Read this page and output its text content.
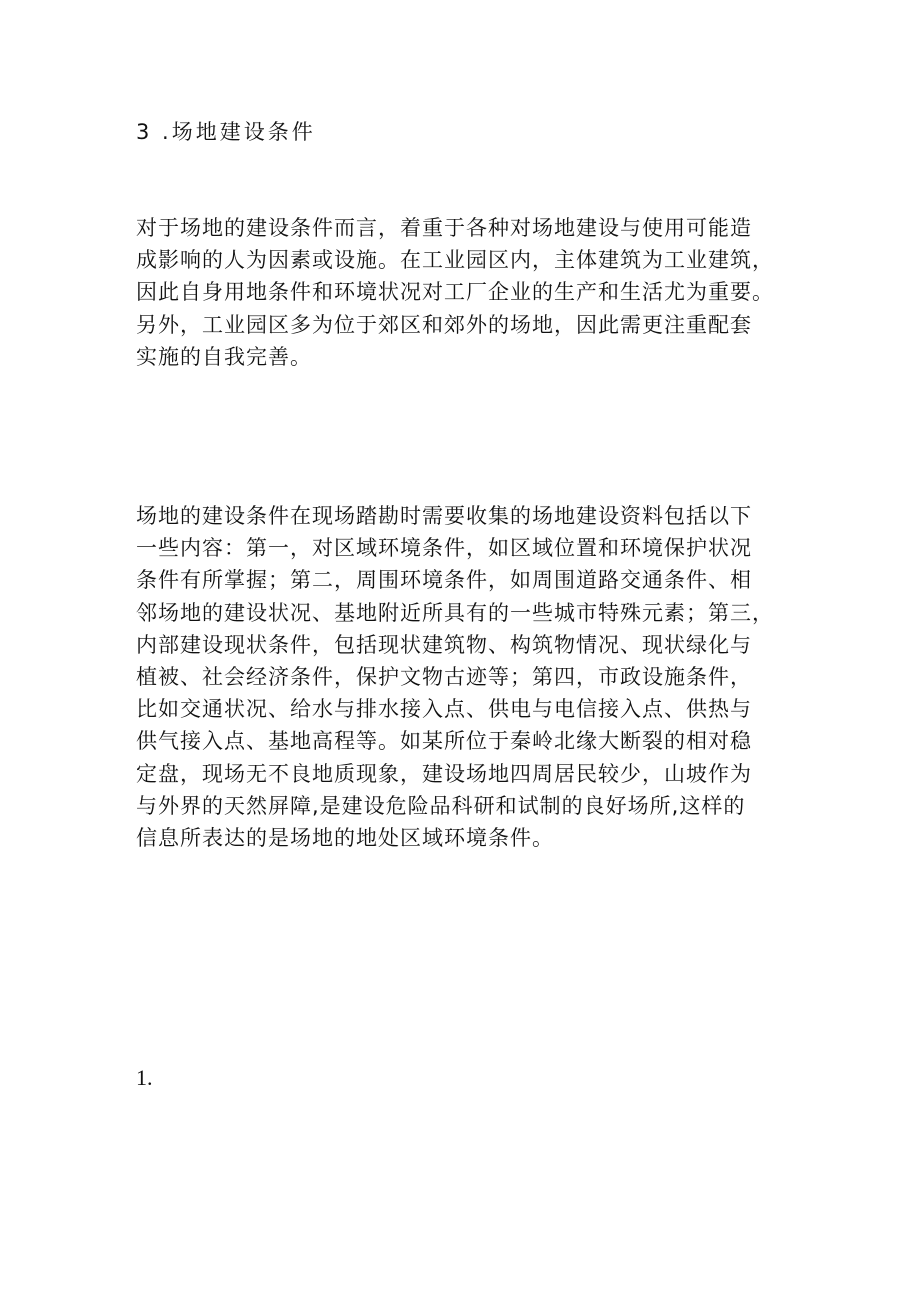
3 .场地建设条件

对于场地的建设条件而言，着重于各种对场地建设与使用可能造
成影响的人为因素或设施。在工业园区内，主体建筑为工业建筑，
因此自身用地条件和环境状况对工厂企业的生产和生活尤为重要。
另外，工业园区多为位于郊区和郊外的场地，因此需更注重配套
实施的自我完善。

场地的建设条件在现场踏勘时需要收集的场地建设资料包括以下
一些内容：第一，对区域环境条件，如区域位置和环境保护状况
条件有所掌握；第二，周围环境条件，如周围道路交通条件、相
邻场地的建设状况、基地附近所具有的一些城市特殊元素；第三，
内部建设现状条件，包括现状建筑物、构筑物情况、现状绿化与
植被、社会经济条件，保护文物古迹等；第四，市政设施条件，
比如交通状况、给水与排水接入点、供电与电信接入点、供热与
供气接入点、基地高程等。如某所位于秦岭北缘大断裂的相对稳
定盘，现场无不良地质现象，建设场地四周居民较少，山坡作为
与外界的天然屏障,是建设危险品科研和试制的良好场所,这样的
信息所表达的是场地的地处区域环境条件。

1.
